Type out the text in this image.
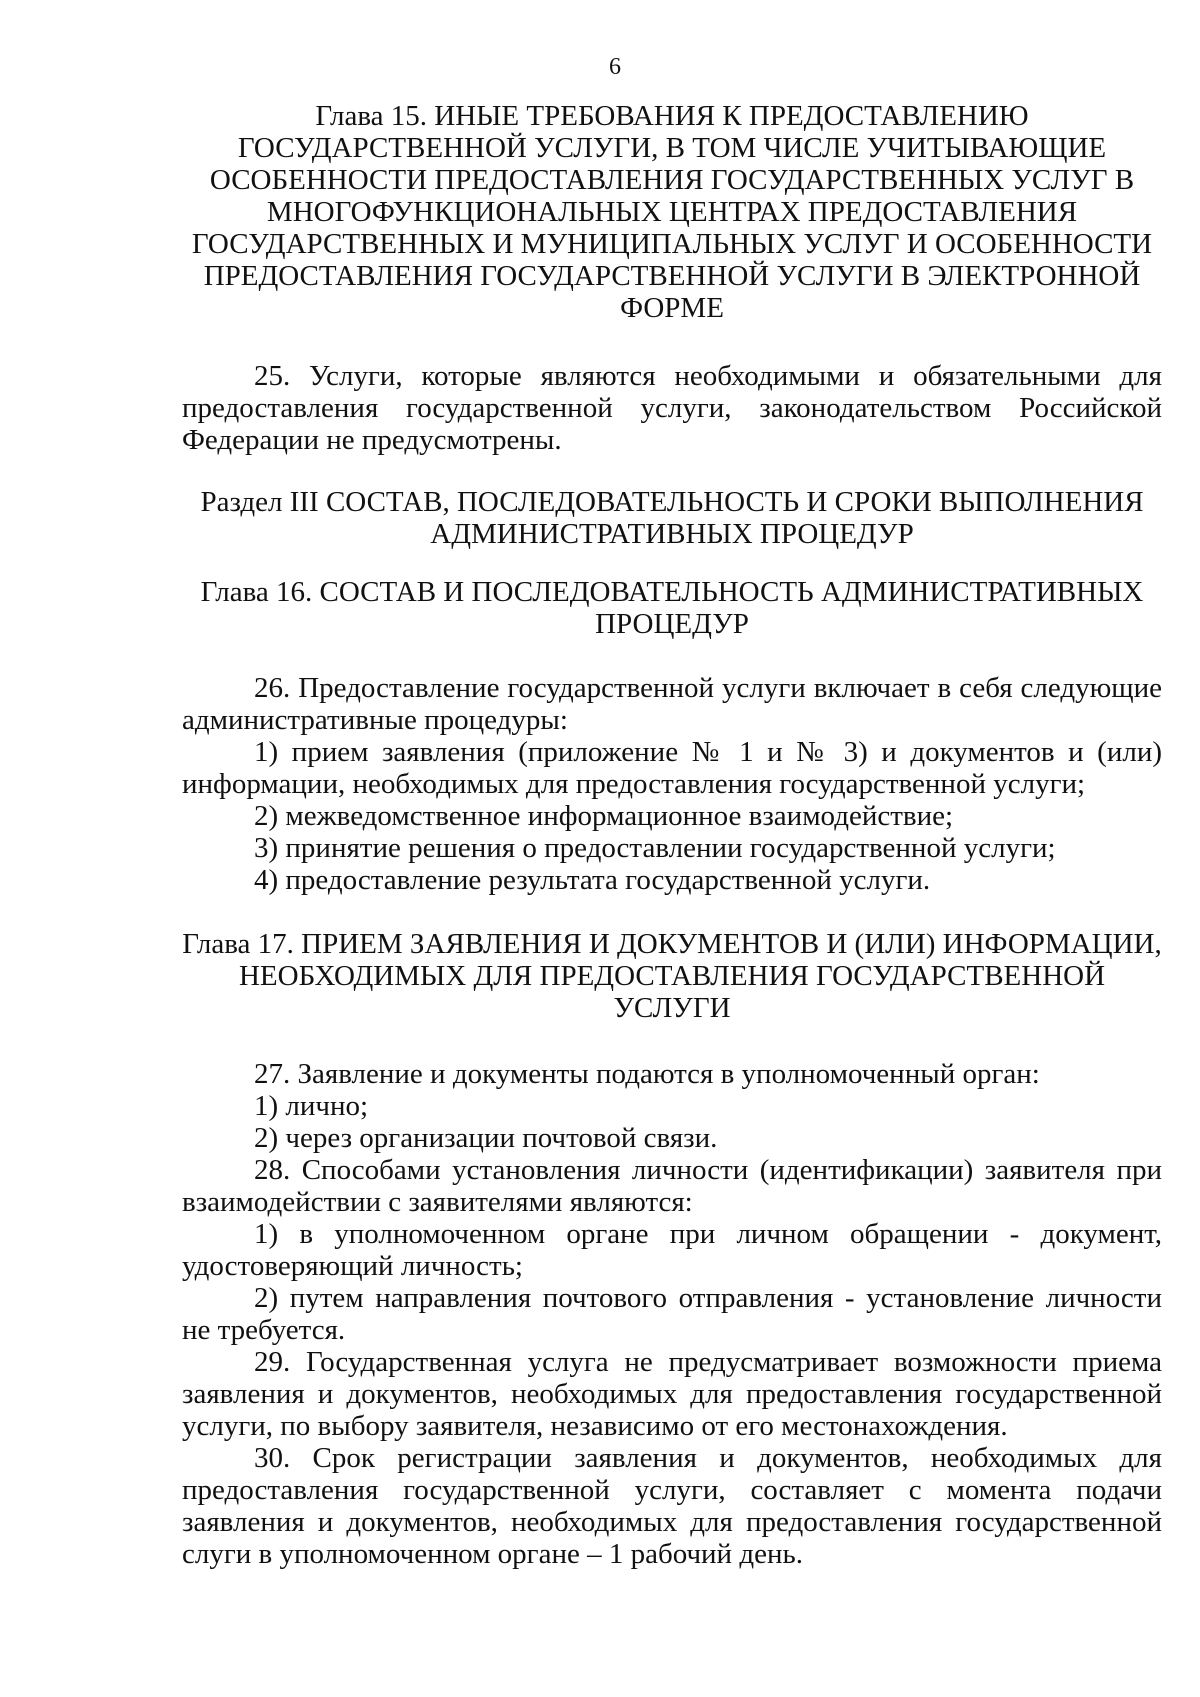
6

Глава 15. ИНЫЕ ТРЕБОВАНИЯ К ПРЕДОСТАВЛЕНИЮ ГОСУДАРСТВЕННОЙ УСЛУГИ, В ТОМ ЧИСЛЕ УЧИТЫВАЮЩИЕ ОСОБЕННОСТИ ПРЕДОСТАВЛЕНИЯ ГОСУДАРСТВЕННЫХ УСЛУГ В МНОГОФУНКЦИОНАЛЬНЫХ ЦЕНТРАХ ПРЕДОСТАВЛЕНИЯ ГОСУДАРСТВЕННЫХ И МУНИЦИПАЛЬНЫХ УСЛУГ И ОСОБЕННОСТИ ПРЕДОСТАВЛЕНИЯ ГОСУДАРСТВЕННОЙ УСЛУГИ В ЭЛЕКТРОННОЙ ФОРМЕ

25. Услуги, которые являются необходимыми и обязательными для предоставления государственной услуги, законодательством Российской Федерации не предусмотрены.

Раздел III СОСТАВ, ПОСЛЕДОВАТЕЛЬНОСТЬ И СРОКИ ВЫПОЛНЕНИЯ АДМИНИСТРАТИВНЫХ ПРОЦЕДУР

Глава 16. СОСТАВ И ПОСЛЕДОВАТЕЛЬНОСТЬ АДМИНИСТРАТИВНЫХ ПРОЦЕДУР

26. Предоставление государственной услуги включает в себя следующие административные процедуры:

1) прием заявления (приложение № 1 и № 3) и документов и (или) информации, необходимых для предоставления государственной услуги;

2) межведомственное информационное взаимодействие;

3) принятие решения о предоставлении государственной услуги;

4) предоставление результата государственной услуги.

Глава 17. ПРИЕМ ЗАЯВЛЕНИЯ И ДОКУМЕНТОВ И (ИЛИ) ИНФОРМАЦИИ, НЕОБХОДИМЫХ ДЛЯ ПРЕДОСТАВЛЕНИЯ ГОСУДАРСТВЕННОЙ УСЛУГИ

27. Заявление и документы подаются в уполномоченный орган:

1) лично;

2) через организации почтовой связи.

28. Способами установления личности (идентификации) заявителя при взаимодействии с заявителями являются:

1) в уполномоченном органе при личном обращении - документ, удостоверяющий личность;

2) путем направления почтового отправления - установление личности не требуется.

29. Государственная услуга не предусматривает возможности приема заявления и документов, необходимых для предоставления государственной услуги, по выбору заявителя, независимо от его местонахождения.

30. Срок регистрации заявления и документов, необходимых для предоставления государственной услуги, составляет с момента подачи заявления и документов, необходимых для предоставления государственной слуги в уполномоченном органе – 1 рабочий день.
